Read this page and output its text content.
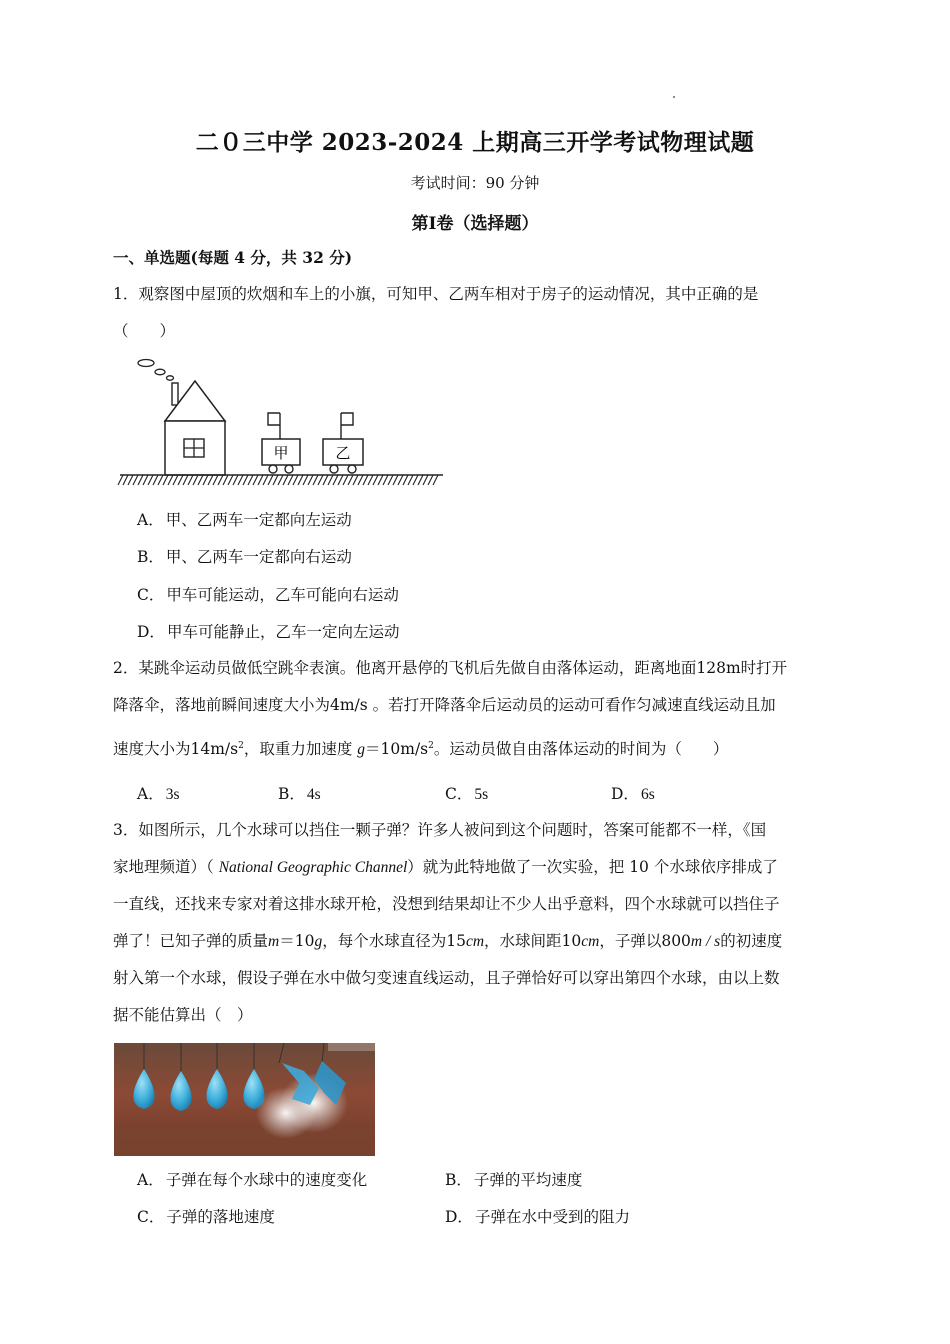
二０三中学 2023-2024 上期高三开学考试物理试题
考试时间：90 分钟
第Ⅰ卷（选择题）
一、单选题(每题 4 分，共 32 分)
1．观察图中屋顶的炊烟和车上的小旗，可知甲、乙两车相对于房子的运动情况，其中正确的是
（　　）
甲	乙
A． 甲、乙两车一定都向左运动
B． 甲、乙两车一定都向右运动
C． 甲车可能运动，乙车可能向右运动
D． 甲车可能静止，乙车一定向左运动
2．某跳伞运动员做低空跳伞表演。他离开悬停的飞机后先做自由落体运动，距离地面128m时打开
降落伞，落地前瞬间速度大小为4m/s 。若打开降落伞后运动员的运动可看作匀减速直线运动且加
速度大小为$14m/s^2$，取重力加速度 $g=10m/s^2$。运动员做自由落体运动的时间为（　　）
A． 3s	B． 4s	C． 5s	D． 6s
3．如图所示，几个水球可以挡住一颗子弹？许多人被问到这个问题时，答案可能都不一样，《国
家地理频道）（ National Geographic Channel）就为此特地做了一次实验，把 10 个水球依序排成了
一直线，还找来专家对着这排水球开枪，没想到结果却让不少人出乎意料，四个水球就可以挡住子
弹了！已知子弹的质量m＝10g，每个水球直径为15cm，水球间距10cm，子弹以800m / s的初速度
射入第一个水球，假设子弹在水中做匀变速直线运动，且子弹恰好可以穿出第四个水球，由以上数
据不能估算出（　）
A． 子弹在每个水球中的速度变化	B． 子弹的平均速度
C． 子弹的落地速度	D． 子弹在水中受到的阻力
